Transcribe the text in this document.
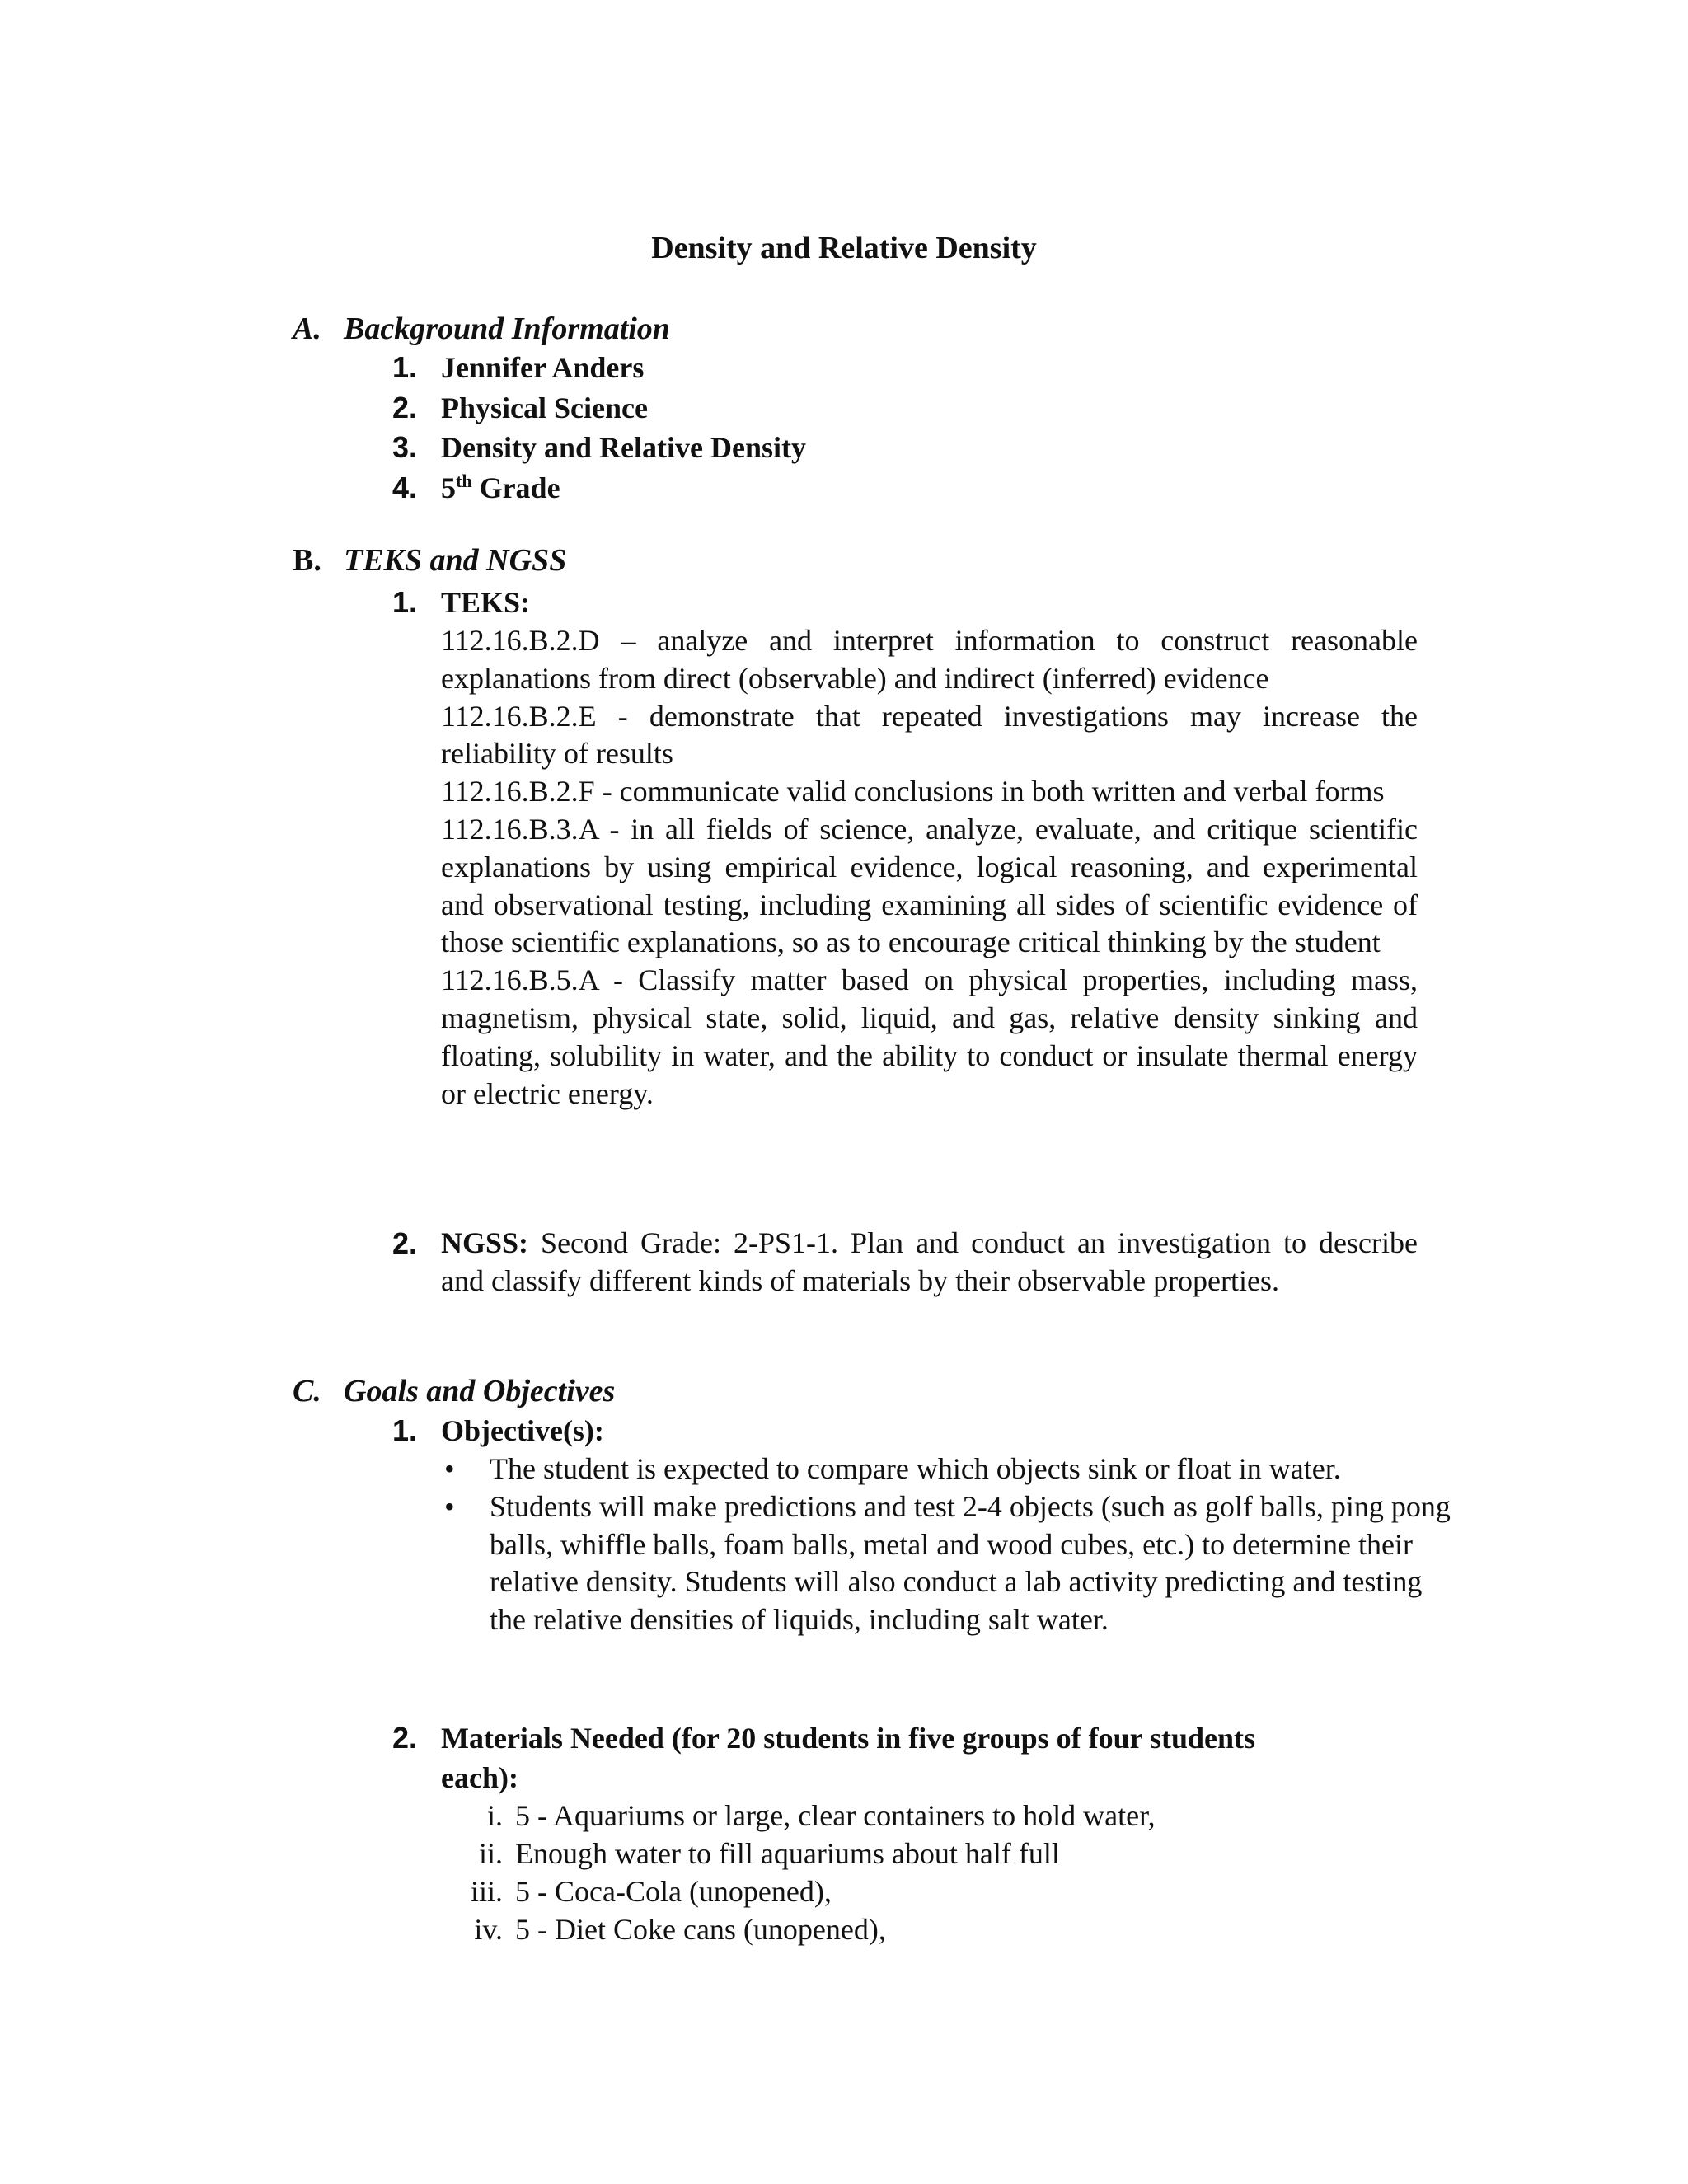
Density and Relative Density
A. Background Information
1. Jennifer Anders
2. Physical Science
3. Density and Relative Density
4. 5th Grade
B. TEKS and NGSS
1. TEKS:

112.16.B.2.D – analyze and interpret information to construct reasonable explanations from direct (observable) and indirect (inferred) evidence

112.16.B.2.E - demonstrate that repeated investigations may increase the reliability of results

112.16.B.2.F - communicate valid conclusions in both written and verbal forms

112.16.B.3.A - in all fields of science, analyze, evaluate, and critique scientific explanations by using empirical evidence, logical reasoning, and experimental and observational testing, including examining all sides of scientific evidence of those scientific explanations, so as to encourage critical thinking by the student

112.16.B.5.A - Classify matter based on physical properties, including mass, magnetism, physical state, solid, liquid, and gas, relative density sinking and floating, solubility in water, and the ability to conduct or insulate thermal energy or electric energy.

2. NGSS: Second Grade: 2-PS1-1. Plan and conduct an investigation to describe and classify different kinds of materials by their observable properties.
C. Goals and Objectives
1. Objective(s):

• The student is expected to compare which objects sink or float in water.

• Students will make predictions and test 2-4 objects (such as golf balls, ping pong balls, whiffle balls, foam balls, metal and wood cubes, etc.) to determine their relative density. Students will also conduct a lab activity predicting and testing the relative densities of liquids, including salt water.

2. Materials Needed (for 20 students in five groups of four students
each):
i. 5 - Aquariums or large, clear containers to hold water,
ii. Enough water to fill aquariums about half full
iii. 5 - Coca-Cola (unopened),
iv. 5 - Diet Coke cans (unopened),
